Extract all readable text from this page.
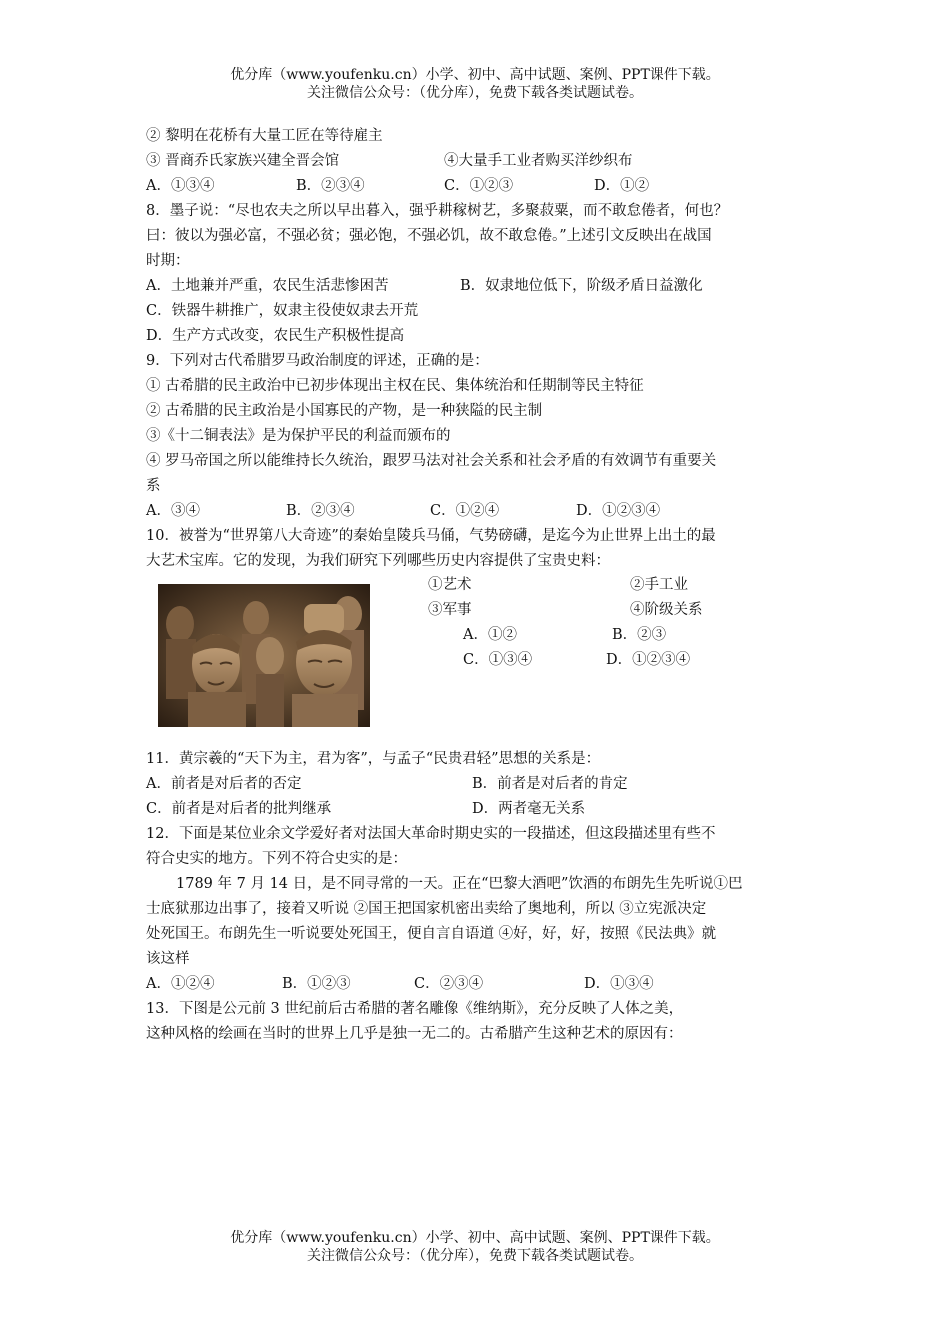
优分库（www.youfenku.cn）小学、初中、高中试题、案例、PPT课件下载。
关注微信公众号：（优分库），免费下载各类试题试卷。
② 黎明在花桥有大量工匠在等待雇主
③ 晋商乔氏家族兴建全晋会馆	④大量手工业者购买洋纱织布
A．①③④	B．②③④	C．①②③	D．①②
8．墨子说：“尽也农夫之所以早出暮入，强乎耕稼树艺，多聚菽粟，而不敢怠倦者，何也？
曰：彼以为强必富，不强必贫；强必饱，不强必饥，故不敢怠倦。”上述引文反映出在战国
时期：
A．土地兼并严重，农民生活悲惨困苦	B．奴隶地位低下，阶级矛盾日益激化
C．铁器牛耕推广，奴隶主役使奴隶去开荒
D．生产方式改变，农民生产积极性提高
9．下列对古代希腊罗马政治制度的评述，正确的是：
① 古希腊的民主政治中已初步体现出主权在民、集体统治和任期制等民主特征
② 古希腊的民主政治是小国寡民的产物，是一种狭隘的民主制
③《十二铜表法》是为保护平民的利益而颁布的
④ 罗马帝国之所以能维持长久统治，跟罗马法对社会关系和社会矛盾的有效调节有重要关
系
A．③④	B．②③④	C．①②④	D．①②③④
10．被誉为“世界第八大奇迹”的秦始皇陵兵马俑，气势磅礴，是迄今为止世界上出土的最
大艺术宝库。它的发现，为我们研究下列哪些历史内容提供了宝贵史料：
①艺术	②手工业
③军事	④阶级关系
A．①②	B．②③
C．①③④	D．①②③④
11．黄宗羲的“天下为主，君为客”，与孟子“民贵君轻”思想的关系是：
A．前者是对后者的否定	B．前者是对后者的肯定
C．前者是对后者的批判继承	D．两者毫无关系
12．下面是某位业余文学爱好者对法国大革命时期史实的一段描述，但这段描述里有些不
符合史实的地方。下列不符合史实的是：
1789 年 7 月 14 日，是不同寻常的一天。正在“巴黎大酒吧”饮酒的布朗先生先听说①巴
士底狱那边出事了，接着又听说 ②国王把国家机密出卖给了奥地利，所以 ③立宪派决定
处死国王。布朗先生一听说要处死国王，便自言自语道 ④好，好，好，按照《民法典》就
该这样
A．①②④	B．①②③	C．②③④	D．①③④
13．下图是公元前 3 世纪前后古希腊的著名雕像《维纳斯》，充分反映了人体之美，
这种风格的绘画在当时的世界上几乎是独一无二的。古希腊产生这种艺术的原因有：
优分库（www.youfenku.cn）小学、初中、高中试题、案例、PPT课件下载。
关注微信公众号：（优分库），免费下载各类试题试卷。
